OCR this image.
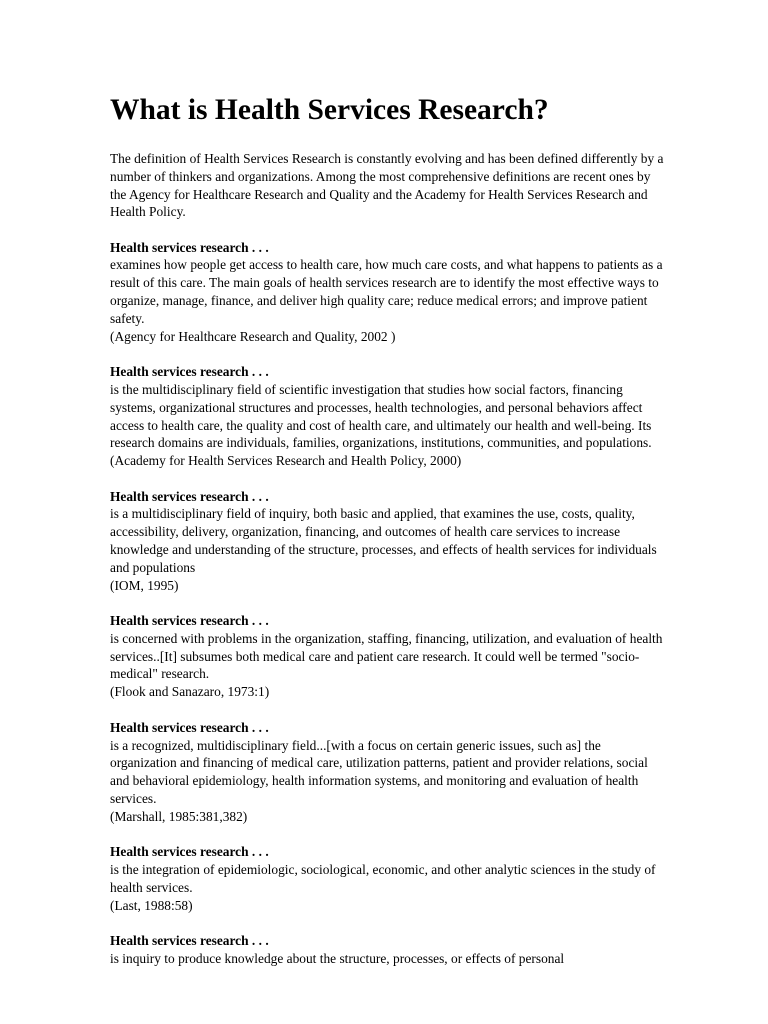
What is Health Services Research?

The definition of Health Services Research is constantly evolving and has been defined differently by a number of thinkers and organizations. Among the most comprehensive definitions are recent ones by the Agency for Healthcare Research and Quality and the Academy for Health Services Research and Health Policy.

Health services research . . .
examines how people get access to health care, how much care costs, and what happens to patients as a result of this care. The main goals of health services research are to identify the most effective ways to organize, manage, finance, and deliver high quality care; reduce medical errors; and improve patient safety.
(Agency for Healthcare Research and Quality, 2002 )

Health services research . . .
is the multidisciplinary field of scientific investigation that studies how social factors, financing systems, organizational structures and processes, health technologies, and personal behaviors affect access to health care, the quality and cost of health care, and ultimately our health and well-being. Its research domains are individuals, families, organizations, institutions, communities, and populations.
(Academy for Health Services Research and Health Policy, 2000)

Health services research . . .
is a multidisciplinary field of inquiry, both basic and applied, that examines the use, costs, quality, accessibility, delivery, organization, financing, and outcomes of health care services to increase knowledge and understanding of the structure, processes, and effects of health services for individuals and populations
(IOM, 1995)

Health services research . . .
is concerned with problems in the organization, staffing, financing, utilization, and evaluation of health services..[It] subsumes both medical care and patient care research. It could well be termed "socio-medical" research.
(Flook and Sanazaro, 1973:1)

Health services research . . .
is a recognized, multidisciplinary field...[with a focus on certain generic issues, such as] the organization and financing of medical care, utilization patterns, patient and provider relations, social and behavioral epidemiology, health information systems, and monitoring and evaluation of health services.
(Marshall, 1985:381,382)

Health services research . . .
is the integration of epidemiologic, sociological, economic, and other analytic sciences in the study of health services.
(Last, 1988:58)

Health services research . . .
is inquiry to produce knowledge about the structure, processes, or effects of personal
